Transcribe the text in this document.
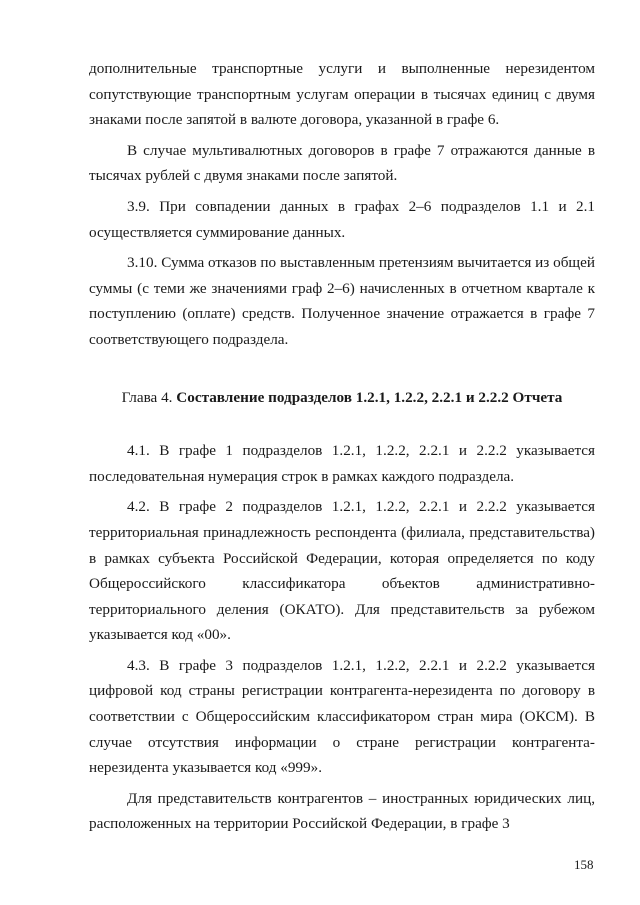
дополнительные транспортные услуги и выполненные нерезидентом сопутствующие транспортным услугам операции в тысячах единиц с двумя знаками после запятой в валюте договора, указанной в графе 6.

В случае мультивалютных договоров в графе 7 отражаются данные в тысячах рублей с двумя знаками после запятой.

3.9. При совпадении данных в графах 2–6 подразделов 1.1 и 2.1 осуществляется суммирование данных.

3.10. Сумма отказов по выставленным претензиям вычитается из общей суммы (с теми же значениями граф 2–6) начисленных в отчетном квартале к поступлению (оплате) средств. Полученное значение отражается в графе 7 соответствующего подраздела.

Глава 4. Составление подразделов 1.2.1, 1.2.2, 2.2.1 и 2.2.2 Отчета

4.1. В графе 1 подразделов 1.2.1, 1.2.2, 2.2.1 и 2.2.2 указывается последовательная нумерация строк в рамках каждого подраздела.

4.2. В графе 2 подразделов 1.2.1, 1.2.2, 2.2.1 и 2.2.2 указывается территориальная принадлежность респондента (филиала, представительства) в рамках субъекта Российской Федерации, которая определяется по коду Общероссийского классификатора объектов административно-территориального деления (ОКАТО). Для представительств за рубежом указывается код «00».

4.3. В графе 3 подразделов 1.2.1, 1.2.2, 2.2.1 и 2.2.2 указывается цифровой код страны регистрации контрагента-нерезидента по договору в соответствии с Общероссийским классификатором стран мира (ОКСМ). В случае отсутствия информации о стране регистрации контрагента-нерезидента указывается код «999».

Для представительств контрагентов – иностранных юридических лиц, расположенных на территории Российской Федерации, в графе 3

158
